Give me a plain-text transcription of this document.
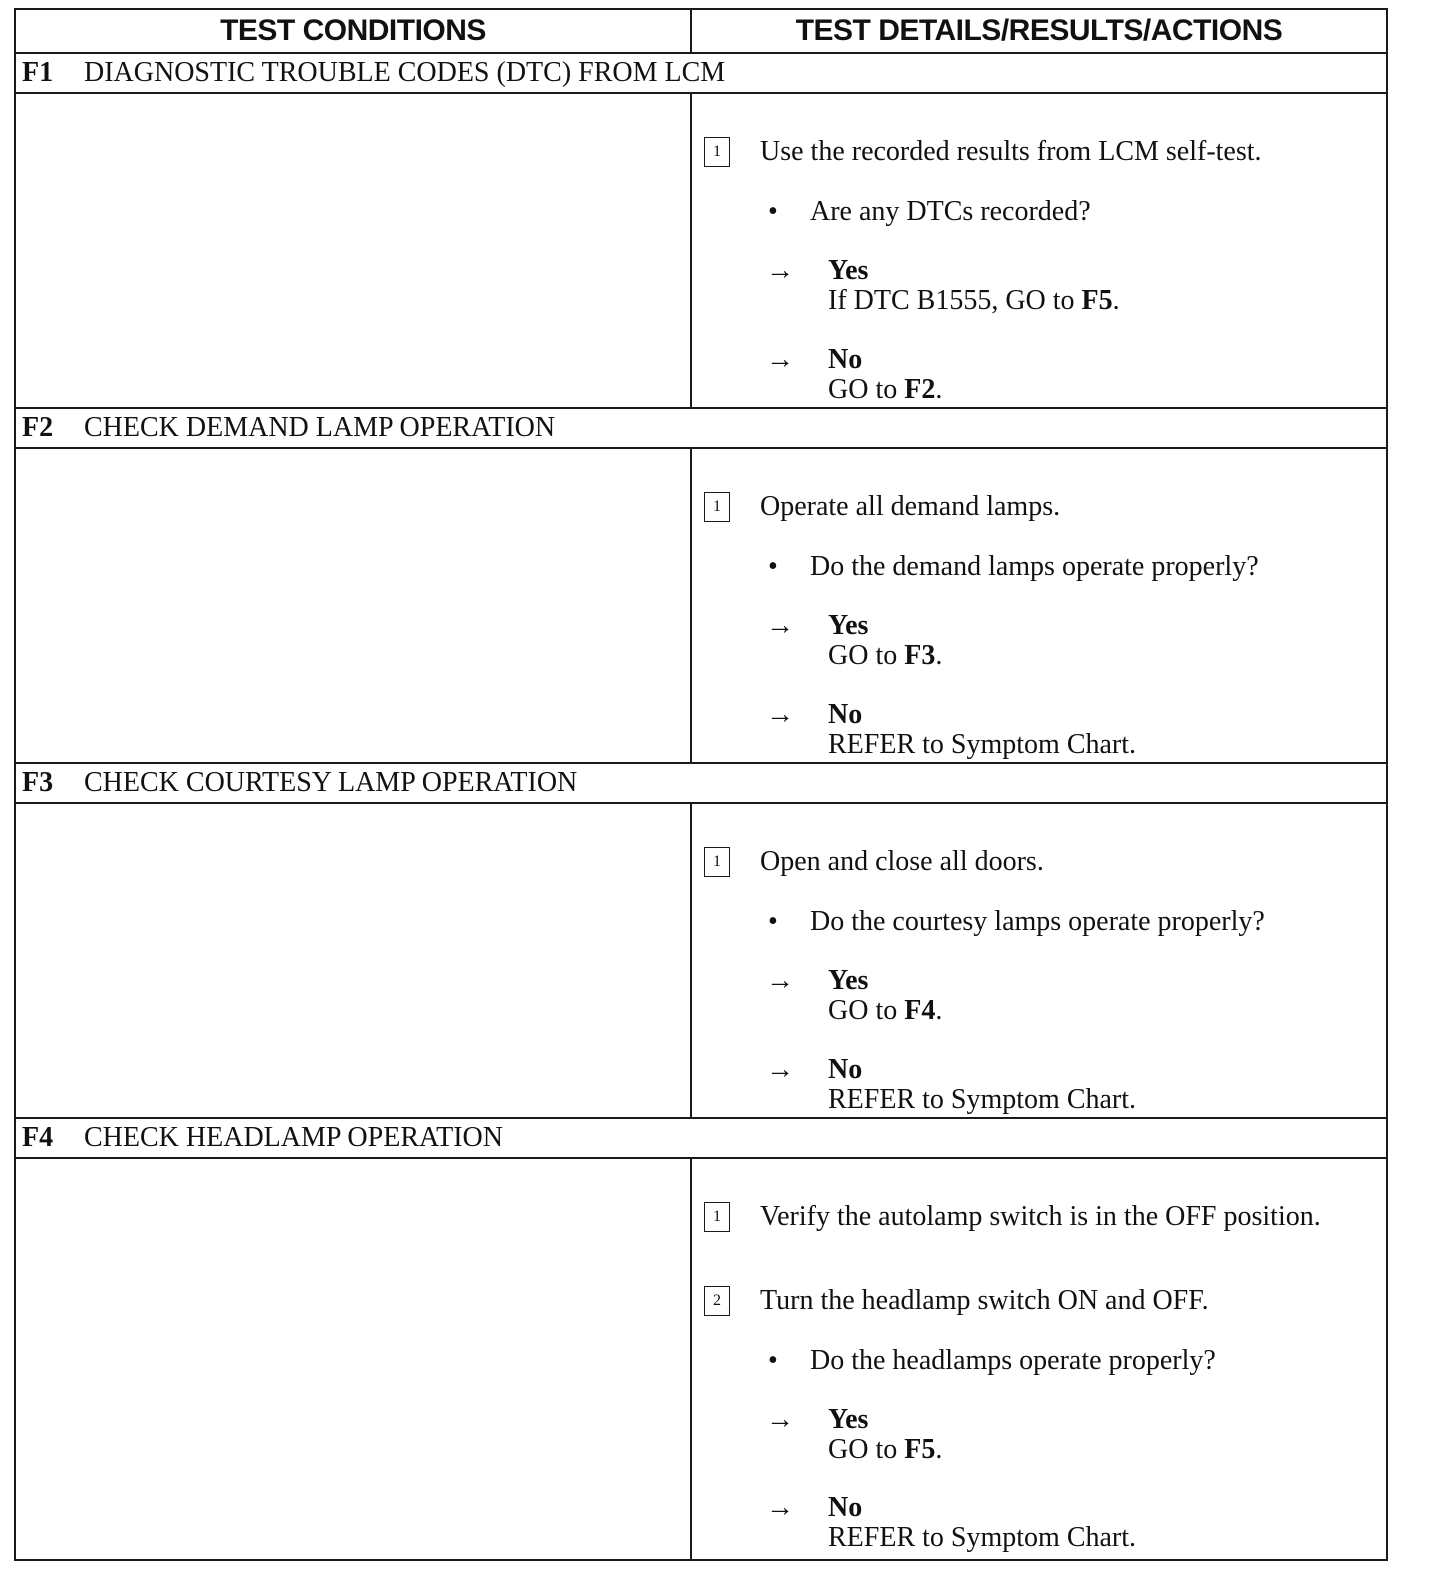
TEST CONDITIONS	TEST DETAILS/RESULTS/ACTIONS
F1	DIAGNOSTIC TROUBLE CODES (DTC) FROM LCM
1	Use the recorded results from LCM self-test.
• Are any DTCs recorded?
→ Yes
If DTC B1555, GO to F5.
→ No
GO to F2.
F2	CHECK DEMAND LAMP OPERATION
1	Operate all demand lamps.
• Do the demand lamps operate properly?
→ Yes
GO to F3.
→ No
REFER to Symptom Chart.
F3	CHECK COURTESY LAMP OPERATION
1	Open and close all doors.
• Do the courtesy lamps operate properly?
→ Yes
GO to F4.
→ No
REFER to Symptom Chart.
F4	CHECK HEADLAMP OPERATION
1	Verify the autolamp switch is in the OFF position.
2	Turn the headlamp switch ON and OFF.
• Do the headlamps operate properly?
→ Yes
GO to F5.
→ No
REFER to Symptom Chart.
